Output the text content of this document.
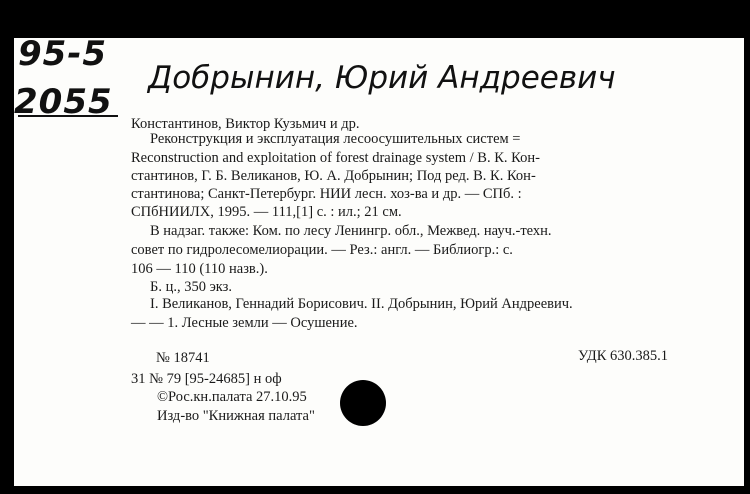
95-5
2055
Добрынин, Юрий Андреевич
Константинов, Виктор Кузьмич и др.
Реконструкция и эксплуатация лесоосушительных систем =
Reconstruction and exploitation of forest drainage system / В. К. Кон-
стантинов, Г. Б. Великанов, Ю. А. Добрынин; Под ред. В. К. Кон-
стантинова; Санкт-Петербург. НИИ лесн. хоз-ва и др. — СПб. :
СПбНИИЛХ, 1995. — 111,[1] с. : ил.; 21 см.
В надзаг. также: Ком. по лесу Ленингр. обл., Межвед. науч.-техн.
совет по гидролесомелиорации. — Рез.: англ. — Библиогр.: с.
106 — 110 (110 назв.).
Б. ц., 350 экз.
I. Великанов, Геннадий Борисович. II. Добрынин, Юрий Андреевич.
— — 1. Лесные земли — Осушение.
№ 18741	УДК 630.385.1
31 № 79 [95-24685] н оф
©Рос.кн.палата 27.10.95
Изд-во "Книжная палата"
